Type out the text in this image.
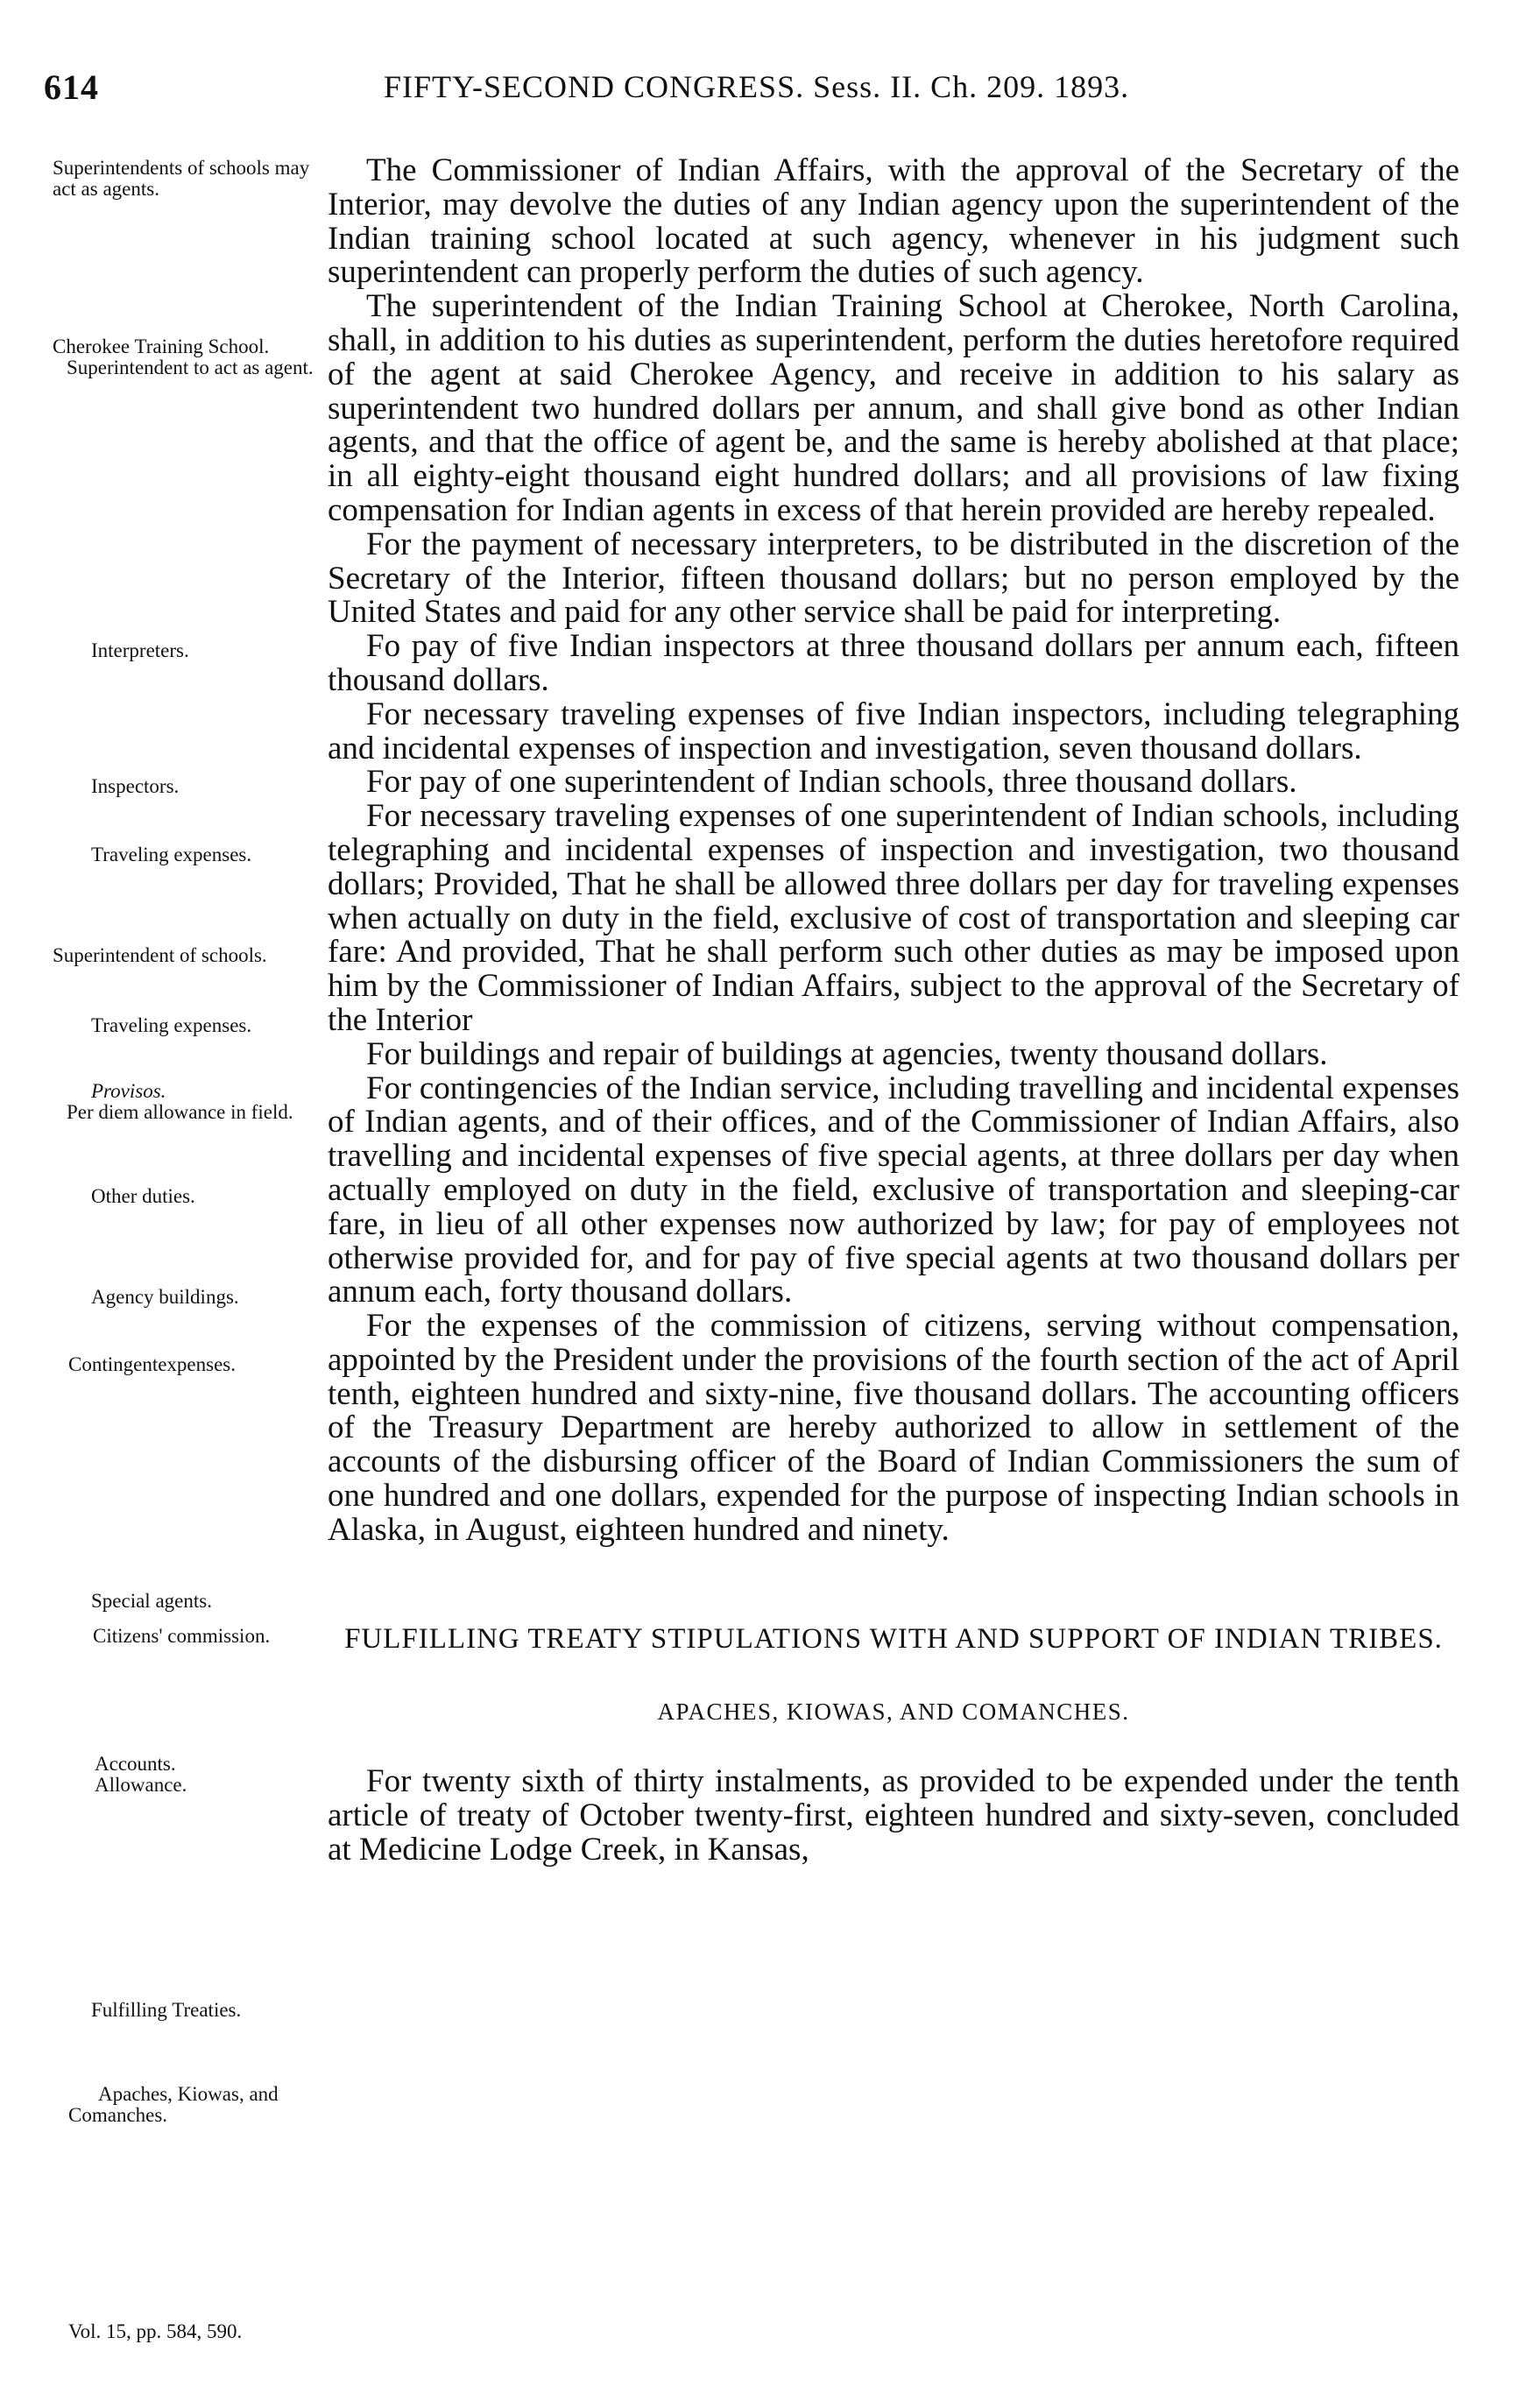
614	FIFTY-SECOND CONGRESS. Sess. II. Ch. 209. 1893.

The Commissioner of Indian Affairs, with the approval of the Secretary of the Interior, may devolve the duties of any Indian agency upon the superintendent of the Indian training school located at such agency, whenever in his judgment such superintendent can properly perform the duties of such agency.

The superintendent of the Indian Training School at Cherokee, North Carolina, shall, in addition to his duties as superintendent, perform the duties heretofore required of the agent at said Cherokee Agency, and receive in addition to his salary as superintendent two hundred dollars per annum, and shall give bond as other Indian agents, and that the office of agent be, and the same is hereby abolished at that place; in all eighty-eight thousand eight hundred dollars; and all provisions of law fixing compensation for Indian agents in excess of that herein provided are hereby repealed.

For the payment of necessary interpreters, to be distributed in the discretion of the Secretary of the Interior, fifteen thousand dollars; but no person employed by the United States and paid for any other service shall be paid for interpreting.

Fo pay of five Indian inspectors at three thousand dollars per annum each, fifteen thousand dollars.

For necessary traveling expenses of five Indian inspectors, including telegraphing and incidental expenses of inspection and investigation, seven thousand dollars.

For pay of one superintendent of Indian schools, three thousand dollars.

For necessary traveling expenses of one superintendent of Indian schools, including telegraphing and incidental expenses of inspection and investigation, two thousand dollars; Provided, That he shall be allowed three dollars per day for traveling expenses when actually on duty in the field, exclusive of cost of transportation and sleeping car fare: And provided, That he shall perform such other duties as may be imposed upon him by the Commissioner of Indian Affairs, subject to the approval of the Secretary of the Interior

For buildings and repair of buildings at agencies, twenty thousand dollars.

For contingencies of the Indian service, including travelling and incidental expenses of Indian agents, and of their offices, and of the Commissioner of Indian Affairs, also travelling and incidental expenses of five special agents, at three dollars per day when actually employed on duty in the field, exclusive of transportation and sleeping-car fare, in lieu of all other expenses now authorized by law; for pay of employees not otherwise provided for, and for pay of five special agents at two thousand dollars per annum each, forty thousand dollars.

For the expenses of the commission of citizens, serving without compensation, appointed by the President under the provisions of the fourth section of the act of April tenth, eighteen hundred and sixty-nine, five thousand dollars. The accounting officers of the Treasury Department are hereby authorized to allow in settlement of the accounts of the disbursing officer of the Board of Indian Commissioners the sum of one hundred and one dollars, expended for the purpose of inspecting Indian schools in Alaska, in August, eighteen hundred and ninety.

FULFILLING TREATY STIPULATIONS WITH AND SUPPORT OF INDIAN TRIBES.

APACHES, KIOWAS, AND COMANCHES.

For twenty sixth of thirty instalments, as provided to be expended under the tenth article of treaty of October twenty-first, eighteen hundred and sixty-seven, concluded at Medicine Lodge Creek, in Kansas,

Superintendents of schools may act as agents.
Cherokee Training School.
Superintendent to act as agent.
Interpreters.
Inspectors.
Traveling expenses.
Superintendent of schools.
Traveling expenses.
Provisos.
Per diem allowance in field.
Other duties.
Agency buildings.
Contingentexpenses.
Special agents.
Citizens' commission.
Accounts.
Allowance.
Fulfilling Treaties.
Apaches, Kiowas, and Comanches.
Vol. 15, pp. 584, 590.
